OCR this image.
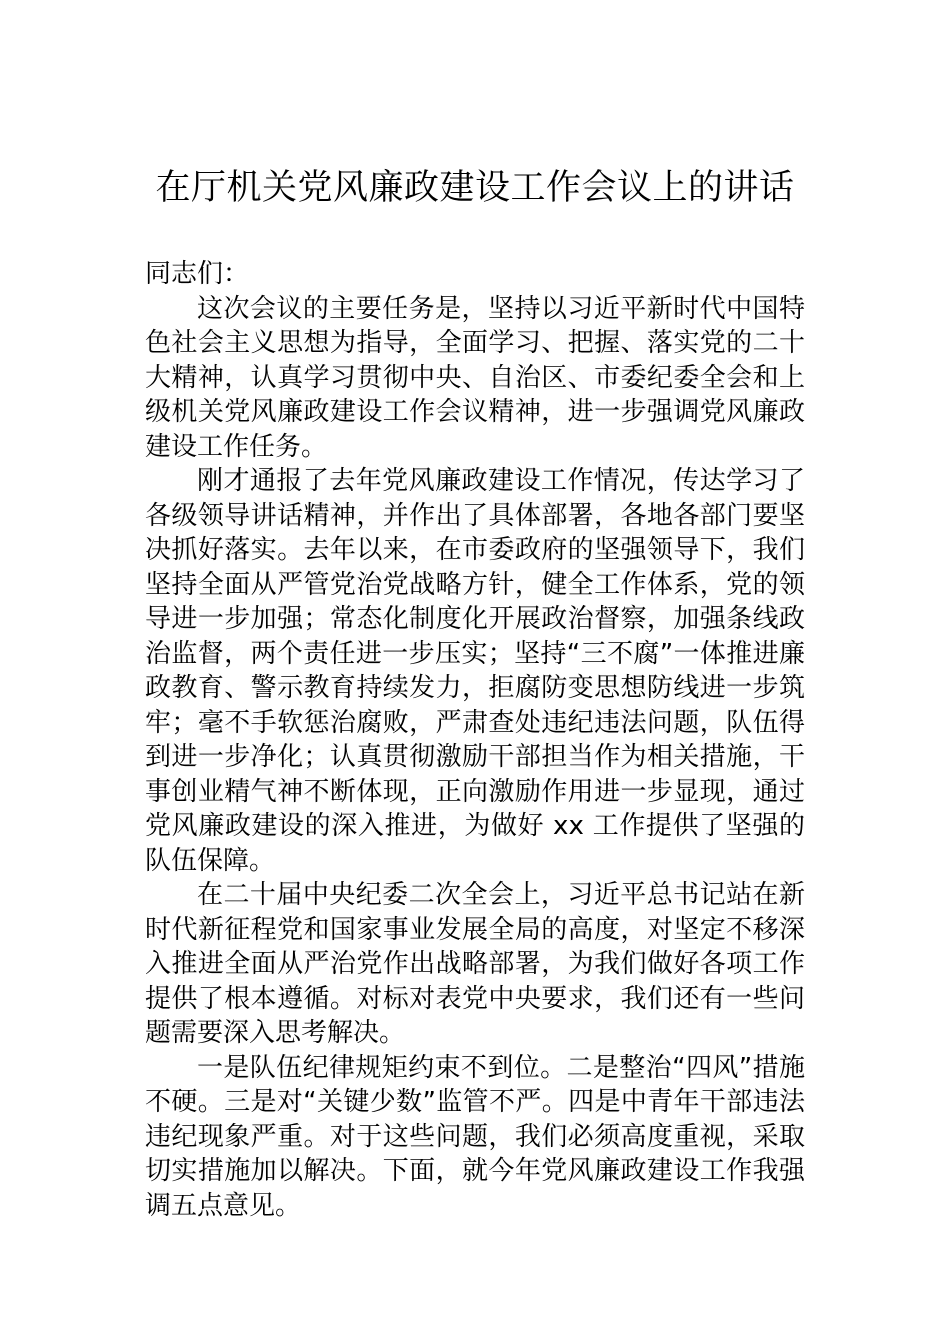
在厅机关党风廉政建设工作会议上的讲话

同志们：

这次会议的主要任务是，坚持以习近平新时代中国特色社会主义思想为指导，全面学习、把握、落实党的二十大精神，认真学习贯彻中央、自治区、市委纪委全会和上级机关党风廉政建设工作会议精神，进一步强调党风廉政建设工作任务。

刚才通报了去年党风廉政建设工作情况，传达学习了各级领导讲话精神，并作出了具体部署，各地各部门要坚决抓好落实。去年以来，在市委政府的坚强领导下，我们坚持全面从严管党治党战略方针，健全工作体系，党的领导进一步加强；常态化制度化开展政治督察，加强条线政治监督，两个责任进一步压实；坚持“三不腐”一体推进廉政教育、警示教育持续发力，拒腐防变思想防线进一步筑牢；毫不手软惩治腐败，严肃查处违纪违法问题，队伍得到进一步净化；认真贯彻激励干部担当作为相关措施，干事创业精气神不断体现，正向激励作用进一步显现，通过党风廉政建设的深入推进，为做好 xx 工作提供了坚强的队伍保障。

在二十届中央纪委二次全会上，习近平总书记站在新时代新征程党和国家事业发展全局的高度，对坚定不移深入推进全面从严治党作出战略部署，为我们做好各项工作提供了根本遵循。对标对表党中央要求，我们还有一些问题需要深入思考解决。

一是队伍纪律规矩约束不到位。二是整治“四风”措施不硬。三是对“关键少数”监管不严。四是中青年干部违法违纪现象严重。对于这些问题，我们必须高度重视，采取切实措施加以解决。下面，就今年党风廉政建设工作我强调五点意见。
